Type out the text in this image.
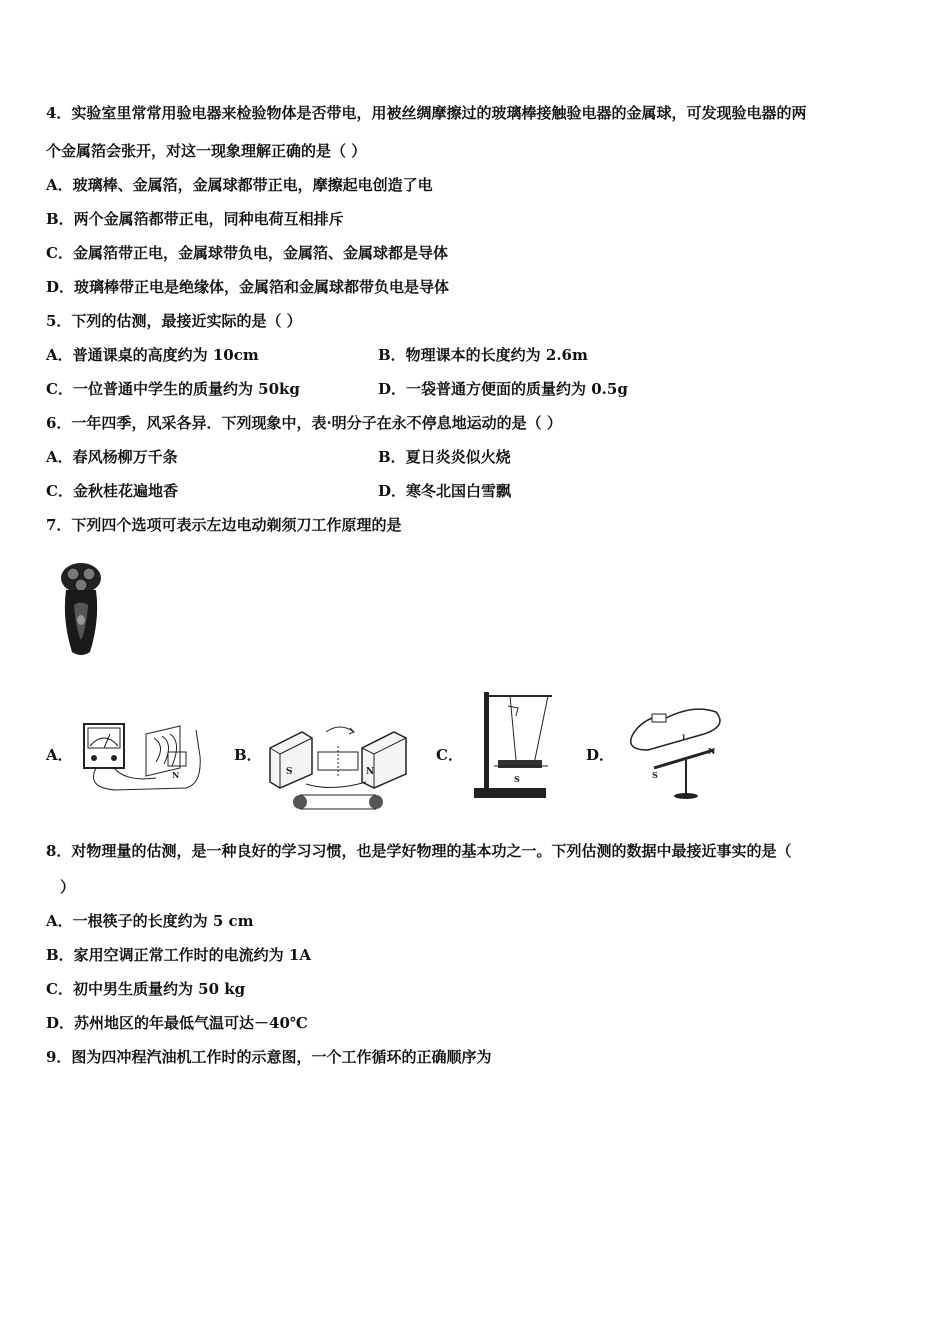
4．实验室里常常用验电器来检验物体是否带电，用被丝绸摩擦过的玻璃棒接触验电器的金属球，可发现验电器的两
个金属箔会张开，对这一现象理解正确的是（ ）
A．玻璃棒、金属箔，金属球都带正电，摩擦起电创造了电
B．两个金属箔都带正电，同种电荷互相排斥
C．金属箔带正电，金属球带负电，金属箔、金属球都是导体
D．玻璃棒带正电是绝缘体，金属箔和金属球都带负电是导体
5．下列的估测，最接近实际的是（ ）
A．普通课桌的高度约为 10cm	B．物理课本的长度约为 2.6m
C．一位普通中学生的质量约为 50kg	D．一袋普通方便面的质量约为 0.5g
6．一年四季，风采各异．下列现象中，表·明分子在永不停息地运动的是（ ）
A．春风杨柳万千条	B．夏日炎炎似火烧
C．金秋桂花遍地香	D．寒冬北国白雪飘
7．下列四个选项可表示左边电动剃须刀工作原理的是
A．	B．	C．	D．
N	S	N
S	S
N
I
8．对物理量的估测，是一种良好的学习习惯，也是学好物理的基本功之一。下列估测的数据中最接近事实的是（
）
A．一根筷子的长度约为 5 cm
B．家用空调正常工作时的电流约为 1A
C．初中男生质量约为 50 kg
D．苏州地区的年最低气温可达－40℃
9．图为四冲程汽油机工作时的示意图，一个工作循环的正确顺序为
